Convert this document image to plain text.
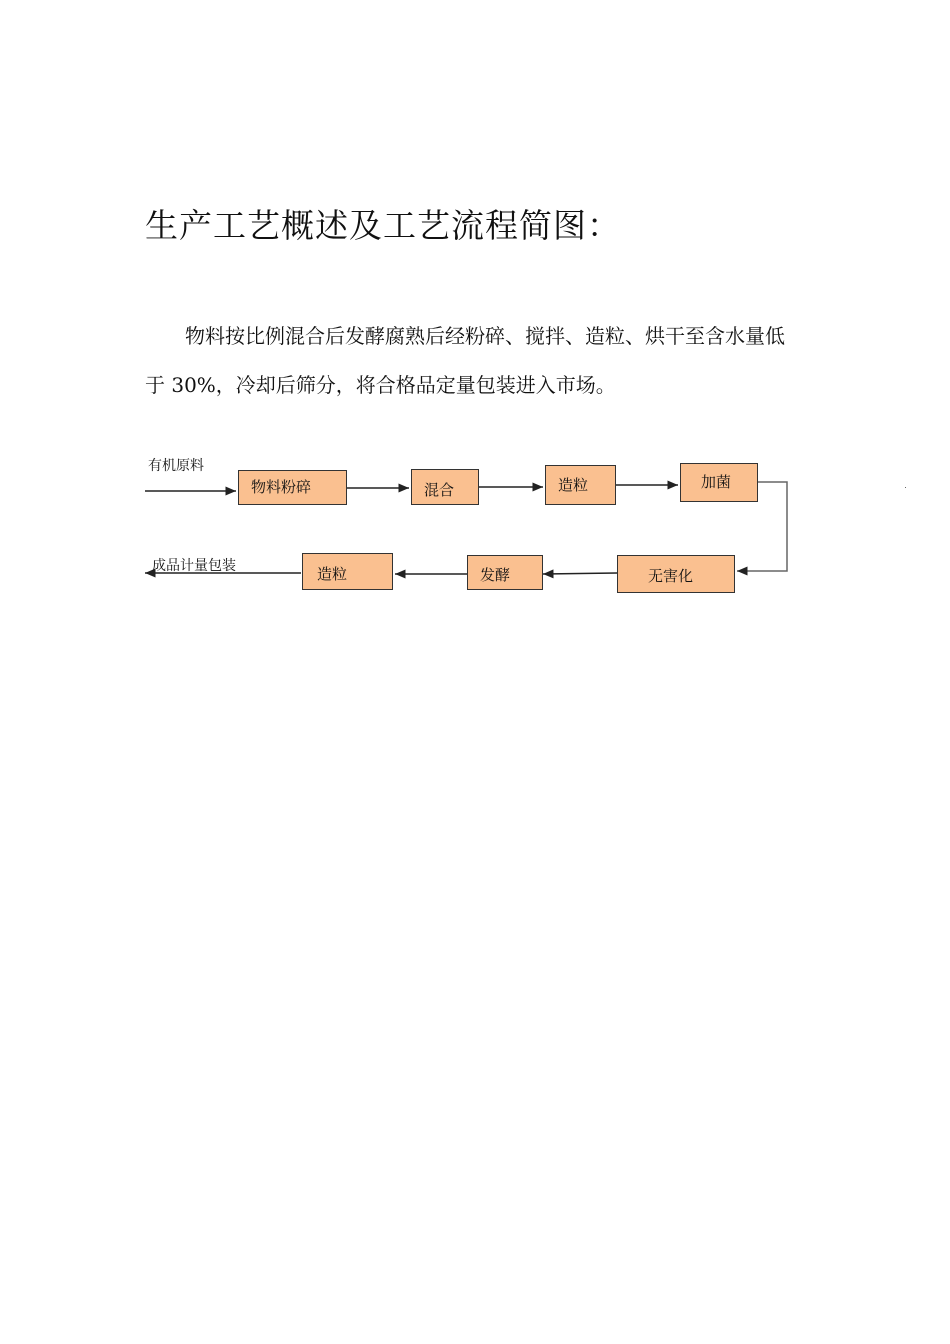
生产工艺概述及工艺流程简图：
物料按比例混合后发酵腐熟后经粉碎、搅拌、造粒、烘干至含水量低于 30%，冷却后筛分，将合格品定量包装进入市场。
有机原料
成品计量包装
物料粉碎	混合	造粒	加菌
无害化
发酵
造粒
